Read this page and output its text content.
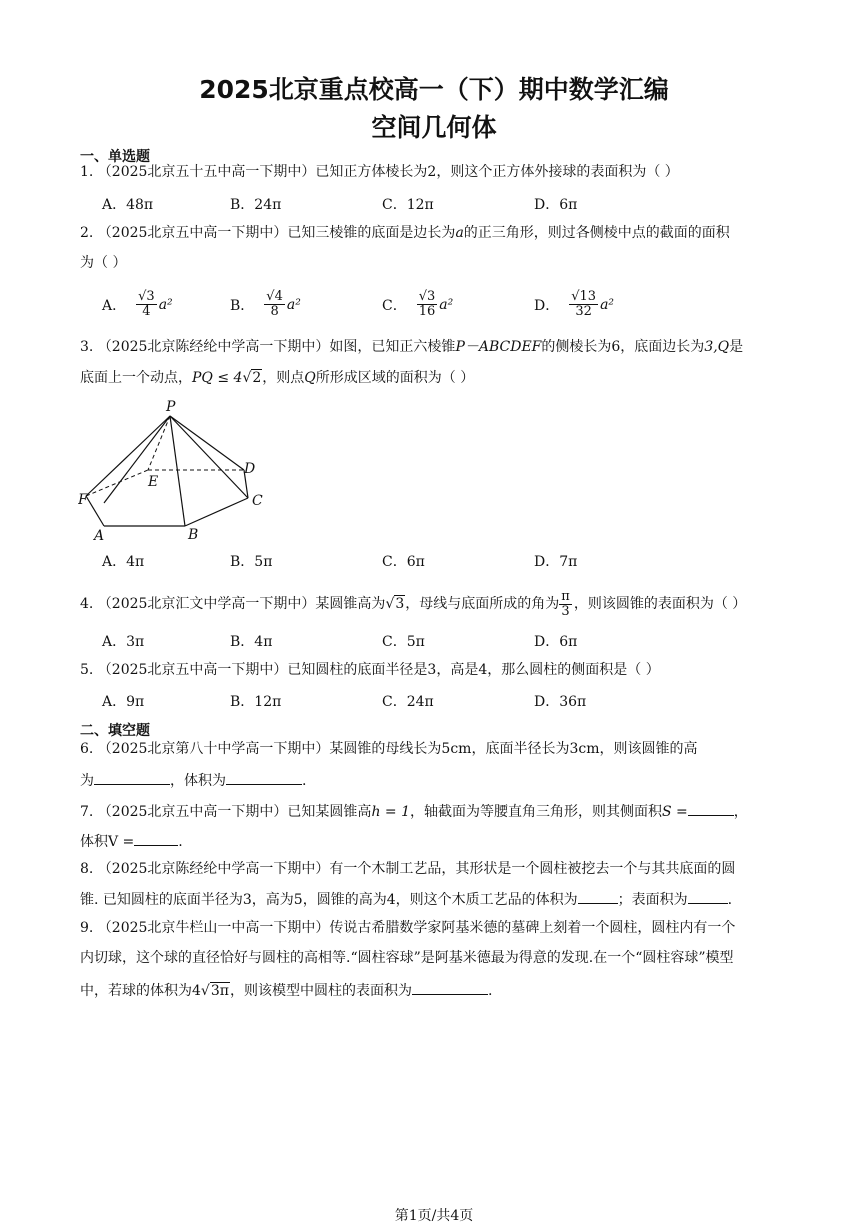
2025北京重点校高一（下）期中数学汇编
空间几何体
一、单选题
1. （2025北京五十五中高一下期中）已知正方体棱长为2，则这个正方体外接球的表面积为（ ）
A．48π	B．24π	C．12π	D．6π
2. （2025北京五中高一下期中）已知三棱锥的底面是边长为a的正三角形，则过各侧棱中点的截面的面积
为（ ）
A． $\frac{√3}{4} a^2$	B． $\frac{√4}{8} a^2$	C． $\frac{√3}{16} a^2$	D． $\frac{√13}{32} a^2$
3. （2025北京陈经纶中学高一下期中）如图，已知正六棱锥P－ABCDEF的侧棱长为6，底面边长为3,Q是
底面上一个动点，PQ ≤ 4√2，则点Q所形成区域的面积为（ ）
P
D
E
F	C
A	B
A．4π	B．5π	C．6π	D．7π
4. （2025北京汇文中学高一下期中）某圆锥高为√3，母线与底面所成的角为 $\frac{\pi}{3}$ ，则该圆锥的表面积为（ ）
A．3π	B．4π	C．5π	D．6π
5. （2025北京五中高一下期中）已知圆柱的底面半径是3，高是4，那么圆柱的侧面积是（ ）
A．9π	B．12π	C．24π	D．36π
二、填空题
6. （2025北京第八十中学高一下期中）某圆锥的母线长为5cm，底面半径长为3cm，则该圆锥的高
为	，体积为	.
7. （2025北京五中高一下期中）已知某圆锥高h = 1，轴截面为等腰直角三角形，则其侧面积S =	，
体积V =	.
8. （2025北京陈经纶中学高一下期中）有一个木制工艺品，其形状是一个圆柱被挖去一个与其共底面的圆
锥. 已知圆柱的底面半径为3，高为5，圆锥的高为4，则这个木质工艺品的体积为	；表面积为	.
9. （2025北京牛栏山一中高一下期中）传说古希腊数学家阿基米德的墓碑上刻着一个圆柱，圆柱内有一个
内切球，这个球的直径恰好与圆柱的高相等.“圆柱容球”是阿基米德最为得意的发现.在一个“圆柱容球”模型
中，若球的体积为4√3π，则该模型中圆柱的表面积为	.
第1页/共4页
